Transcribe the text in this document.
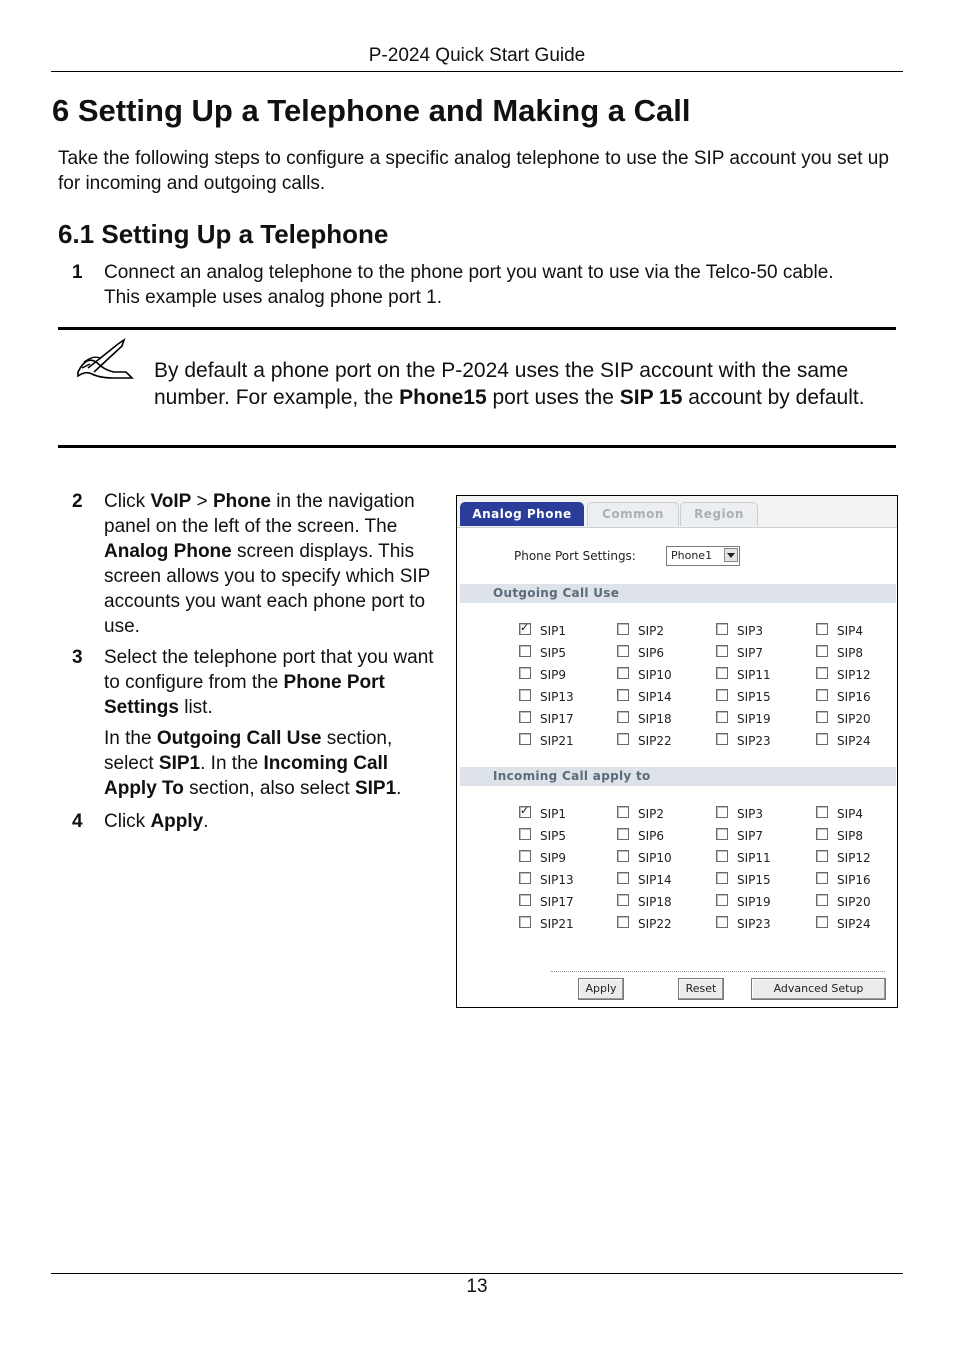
P-2024 Quick Start Guide
6 Setting Up a Telephone and Making a Call

Take the following steps to configure a specific analog telephone to use the SIP account you set up for incoming and outgoing calls.

6.1 Setting Up a Telephone
1	Connect an analog telephone to the phone port you want to use via the Telco-50 cable. This example uses analog phone port 1.
By default a phone port on the P-2024 uses the SIP account with the same number. For example, the Phone15 port uses the SIP 15 account by default.
2	Click VoIP > Phone in the navigation panel on the left of the screen. The Analog Phone screen displays. This screen allows you to specify which SIP accounts you want each phone port to use.
3	Select the telephone port that you want to configure from the Phone Port Settings list.
In the Outgoing Call Use section, select SIP1. In the Incoming Call Apply To section, also select SIP1.
4	Click Apply.
Analog Phone	Common	Region
Phone Port Settings:	Phone1
Outgoing Call Use
✓
SIP1	SIP2	SIP3	SIP4
SIP5	SIP6	SIP7	SIP8
SIP9	SIP10	SIP11	SIP12
SIP13	SIP14	SIP15	SIP16
SIP17	SIP18	SIP19	SIP20
SIP21	SIP22	SIP23	SIP24
Incoming Call apply to
✓
SIP1	SIP2	SIP3	SIP4
SIP5	SIP6	SIP7	SIP8
SIP9	SIP10	SIP11	SIP12
SIP13	SIP14	SIP15	SIP16
SIP17	SIP18	SIP19	SIP20
SIP21	SIP22	SIP23	SIP24
Apply	Reset	Advanced Setup
13
